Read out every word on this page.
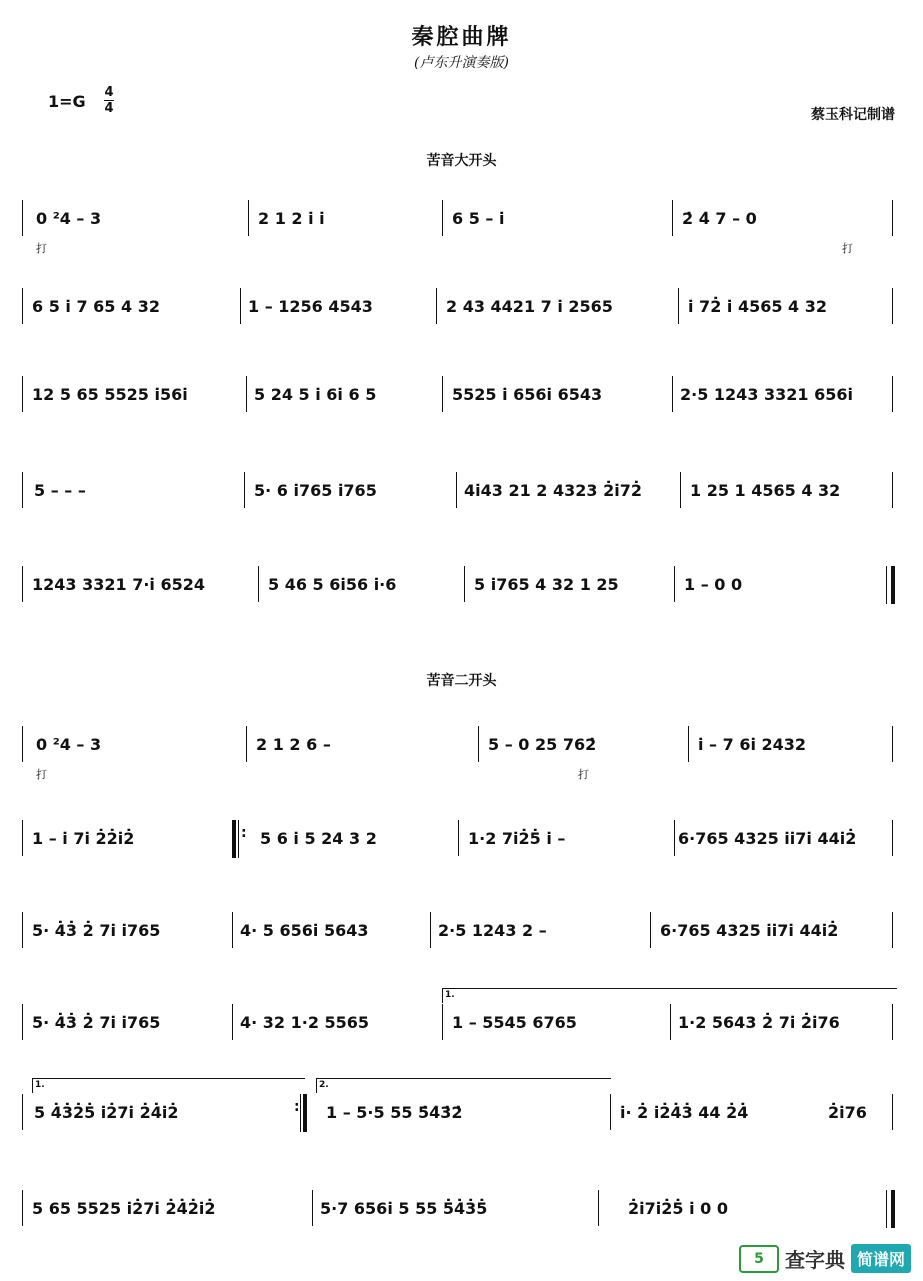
秦腔曲牌
(卢东升演奏版)
1=G 4
4	蔡玉科记制谱
苦音大开头
苦音二开头
0 ²4 – 3	2 1 2 i̇ i̇	6 5 – i̇	2̇ 4̇ 7 – 0
打	打
6 5 i̇ 7 65 4 32	1 – 1256 4543	2 43 4421 7 i̇ 2565	i̇ 72̇ i̇ 4565 4 32
12 5 65 5525 i̇56i̇	5 24 5 i̇ 6i̇ 6 5	5525 i̇ 656i̇ 6543	2·5 1243 3321 656i̇
5 – – –	5· 6 i̇765 i̇765	4i̇43 21 2 4323 2̇i̇72̇	1 25 1 4565 4 32
1243 3321 7·i̇ 6524	5 46 5 6i̇56 i̇·6	5 i̇765 4 32 1 25	1 – 0 0
0 ²4 – 3	2 1 2 6 –	5 – 0 25 762̇	i̇ – 7 6i̇ 2432
打	打
1 – i̇ 7i̇ 2̇2̇i̇2̇	: 5 6 i̇ 5 24 3 2	1·2 7i̇2̇5̇ i̇ –	6·765 4325 i̇i̇7i̇ 44i̇2̇
5· 4̇3̇ 2̇ 7i̇ i̇765	4· 5 656i̇ 5643	2·5 1243 2 –	6·765 4325 i̇i̇7i̇ 44i̇2̇
1.
5· 4̇3̇ 2̇ 7i̇ i̇765	4· 32 1·2 5565	1 – 5545 6765	1·2 5643 2̇ 7i̇ 2̇i̇76
1.	2.
5 4̇3̇2̇5̇ i̇2̇7i̇ 2̇4̇i̇2̇	: 1 – 5·5 55 5̇4̇3̇2̇	i̇· 2̇ i̇2̇4̇3̇ 44 2̇4̇	2̇i̇76
5 65 5525 i̇2̇7i̇ 2̇4̇2̇i̇2̇	5·7 656i̇ 5 55 5̇4̇3̇5̇	2̇i̇7i̇2̇5̇ i̇ 0 0
5	查字典 简谱网
